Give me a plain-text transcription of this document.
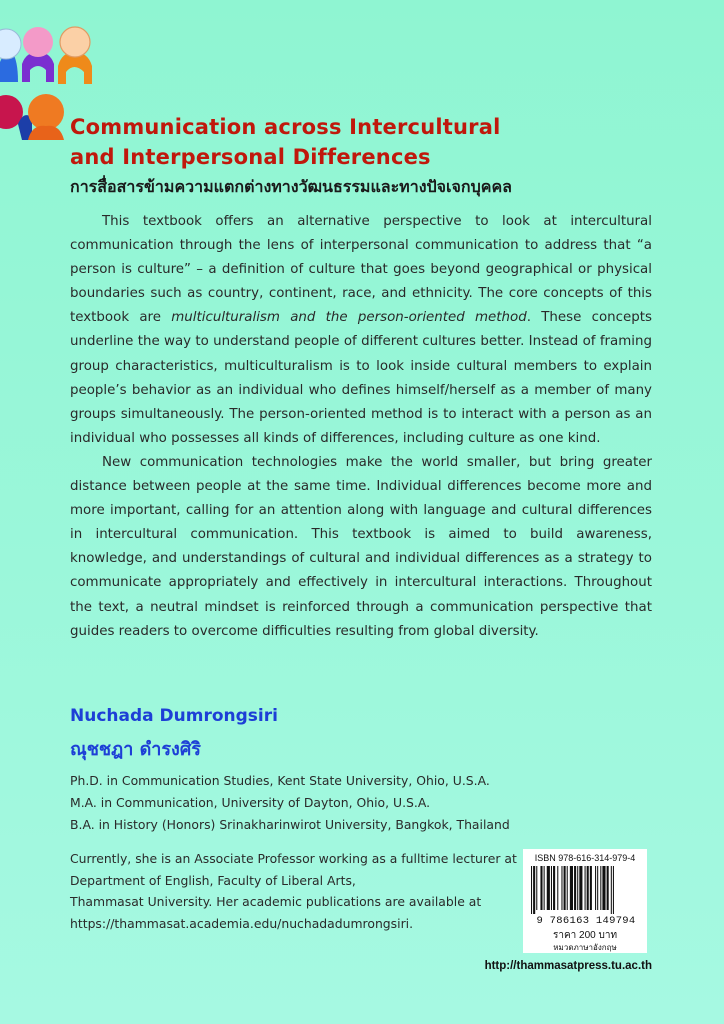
Communication across Intercultural
and Interpersonal Differences
การสื่อสารข้ามความแตกต่างทางวัฒนธรรมและทางปัจเจกบุคคล

This textbook offers an alternative perspective to look at intercultural communication through the lens of interpersonal communication to address that “a person is culture” – a definition of culture that goes beyond geographical or physical boundaries such as country, continent, race, and ethnicity. The core concepts of this textbook are multiculturalism and the person-oriented method. These concepts underline the way to understand people of different cultures better. Instead of framing group characteristics, multiculturalism is to look inside cultural members to explain people’s behavior as an individual who defines himself/herself as a member of many groups simultaneously. The person-oriented method is to interact with a person as an individual who possesses all kinds of differences, including culture as one kind.

New communication technologies make the world smaller, but bring greater distance between people at the same time. Individual differences become more and more important, calling for an attention along with language and cultural differences in intercultural communication. This textbook is aimed to build awareness, knowledge, and understandings of cultural and individual differences as a strategy to communicate appropriately and effectively in intercultural interactions. Throughout the text, a neutral mindset is reinforced through a communication perspective that guides readers to overcome difficulties resulting from global diversity.

Nuchada Dumrongsiri
ณุชชฎา ดำรงศิริ
Ph.D. in Communication Studies, Kent State University, Ohio, U.S.A.
M.A. in Communication, University of Dayton, Ohio, U.S.A.
B.A. in History (Honors) Srinakharinwirot University, Bangkok, Thailand
Currently, she is an Associate Professor working as a fulltime lecturer at
Department of English, Faculty of Liberal Arts,
Thammasat University. Her academic publications are available at
https://thammasat.academia.edu/nuchadadumrongsiri.
ISBN 978-616-314-979-4
9 786163 149794
ราคา 200 บาท
หมวดภาษาอังกฤษ
http://thammasatpress.tu.ac.th
